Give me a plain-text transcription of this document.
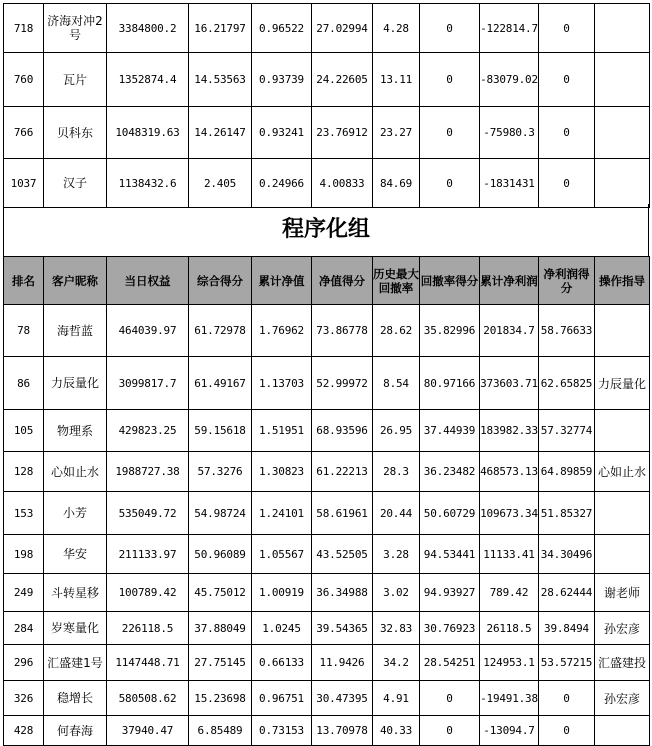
718	济海对冲2号	3384800.2	16.21797	0.96522	27.02994	4.28	0	-122814.7	0	
760	瓦片	1352874.4	14.53563	0.93739	24.22605	13.11	0	-83079.02	0	
766	贝科东	1048319.63	14.26147	0.93241	23.76912	23.27	0	-75980.3	0	
1037	汉子	1138432.6	2.405	0.24966	4.00833	84.69	0	-1831431	0	
程序化组
排名	客户昵称	当日权益	综合得分	累计净值	净值得分	历史最大回撤率	回撤率得分	累计净利润	净利润得分	操作指导
78	海哲蓝	464039.97	61.72978	1.76962	73.86778	28.62	35.82996	201834.7	58.76633	
86	力辰量化	3099817.7	61.49167	1.13703	52.99972	8.54	80.97166	373603.71	62.65825	力辰量化
105	物理系	429823.25	59.15618	1.51951	68.93596	26.95	37.44939	183982.33	57.32774	
128	心如止水	1988727.38	57.3276	1.30823	61.22213	28.3	36.23482	468573.13	64.89859	心如止水
153	小芳	535049.72	54.98724	1.24101	58.61961	20.44	50.60729	109673.34	51.85327	
198	华安	211133.97	50.96089	1.05567	43.52505	3.28	94.53441	11133.41	34.30496	
249	斗转星移	100789.42	45.75012	1.00919	36.34988	3.02	94.93927	789.42	28.62444	谢老师
284	岁寒量化	226118.5	37.88049	1.0245	39.54365	32.83	30.76923	26118.5	39.8494	孙宏彦
296	汇盛建1号	1147448.71	27.75145	0.66133	11.9426	34.2	28.54251	124953.1	53.57215	汇盛建投
326	稳增长	580508.62	15.23698	0.96751	30.47395	4.91	0	-19491.38	0	孙宏彦
428	何春海	37940.47	6.85489	0.73153	13.70978	40.33	0	-13094.7	0	
